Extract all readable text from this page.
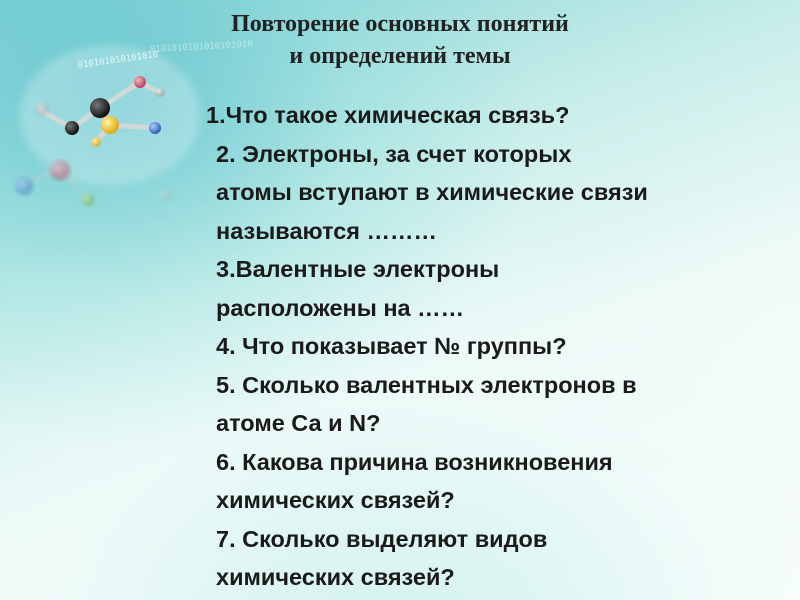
010101010101010
0101010101010101010
Повторение основных понятий
и определений темы
1.Что такое химическая связь?
2. Электроны, за счет которых
атомы вступают в химические связи
называются ………
3.Валентные электроны
расположены на ……
4. Что показывает № группы?
5. Сколько валентных электронов в
атоме Са и N?
6. Какова причина возникновения
химических связей?
7. Сколько выделяют видов
химических связей?
